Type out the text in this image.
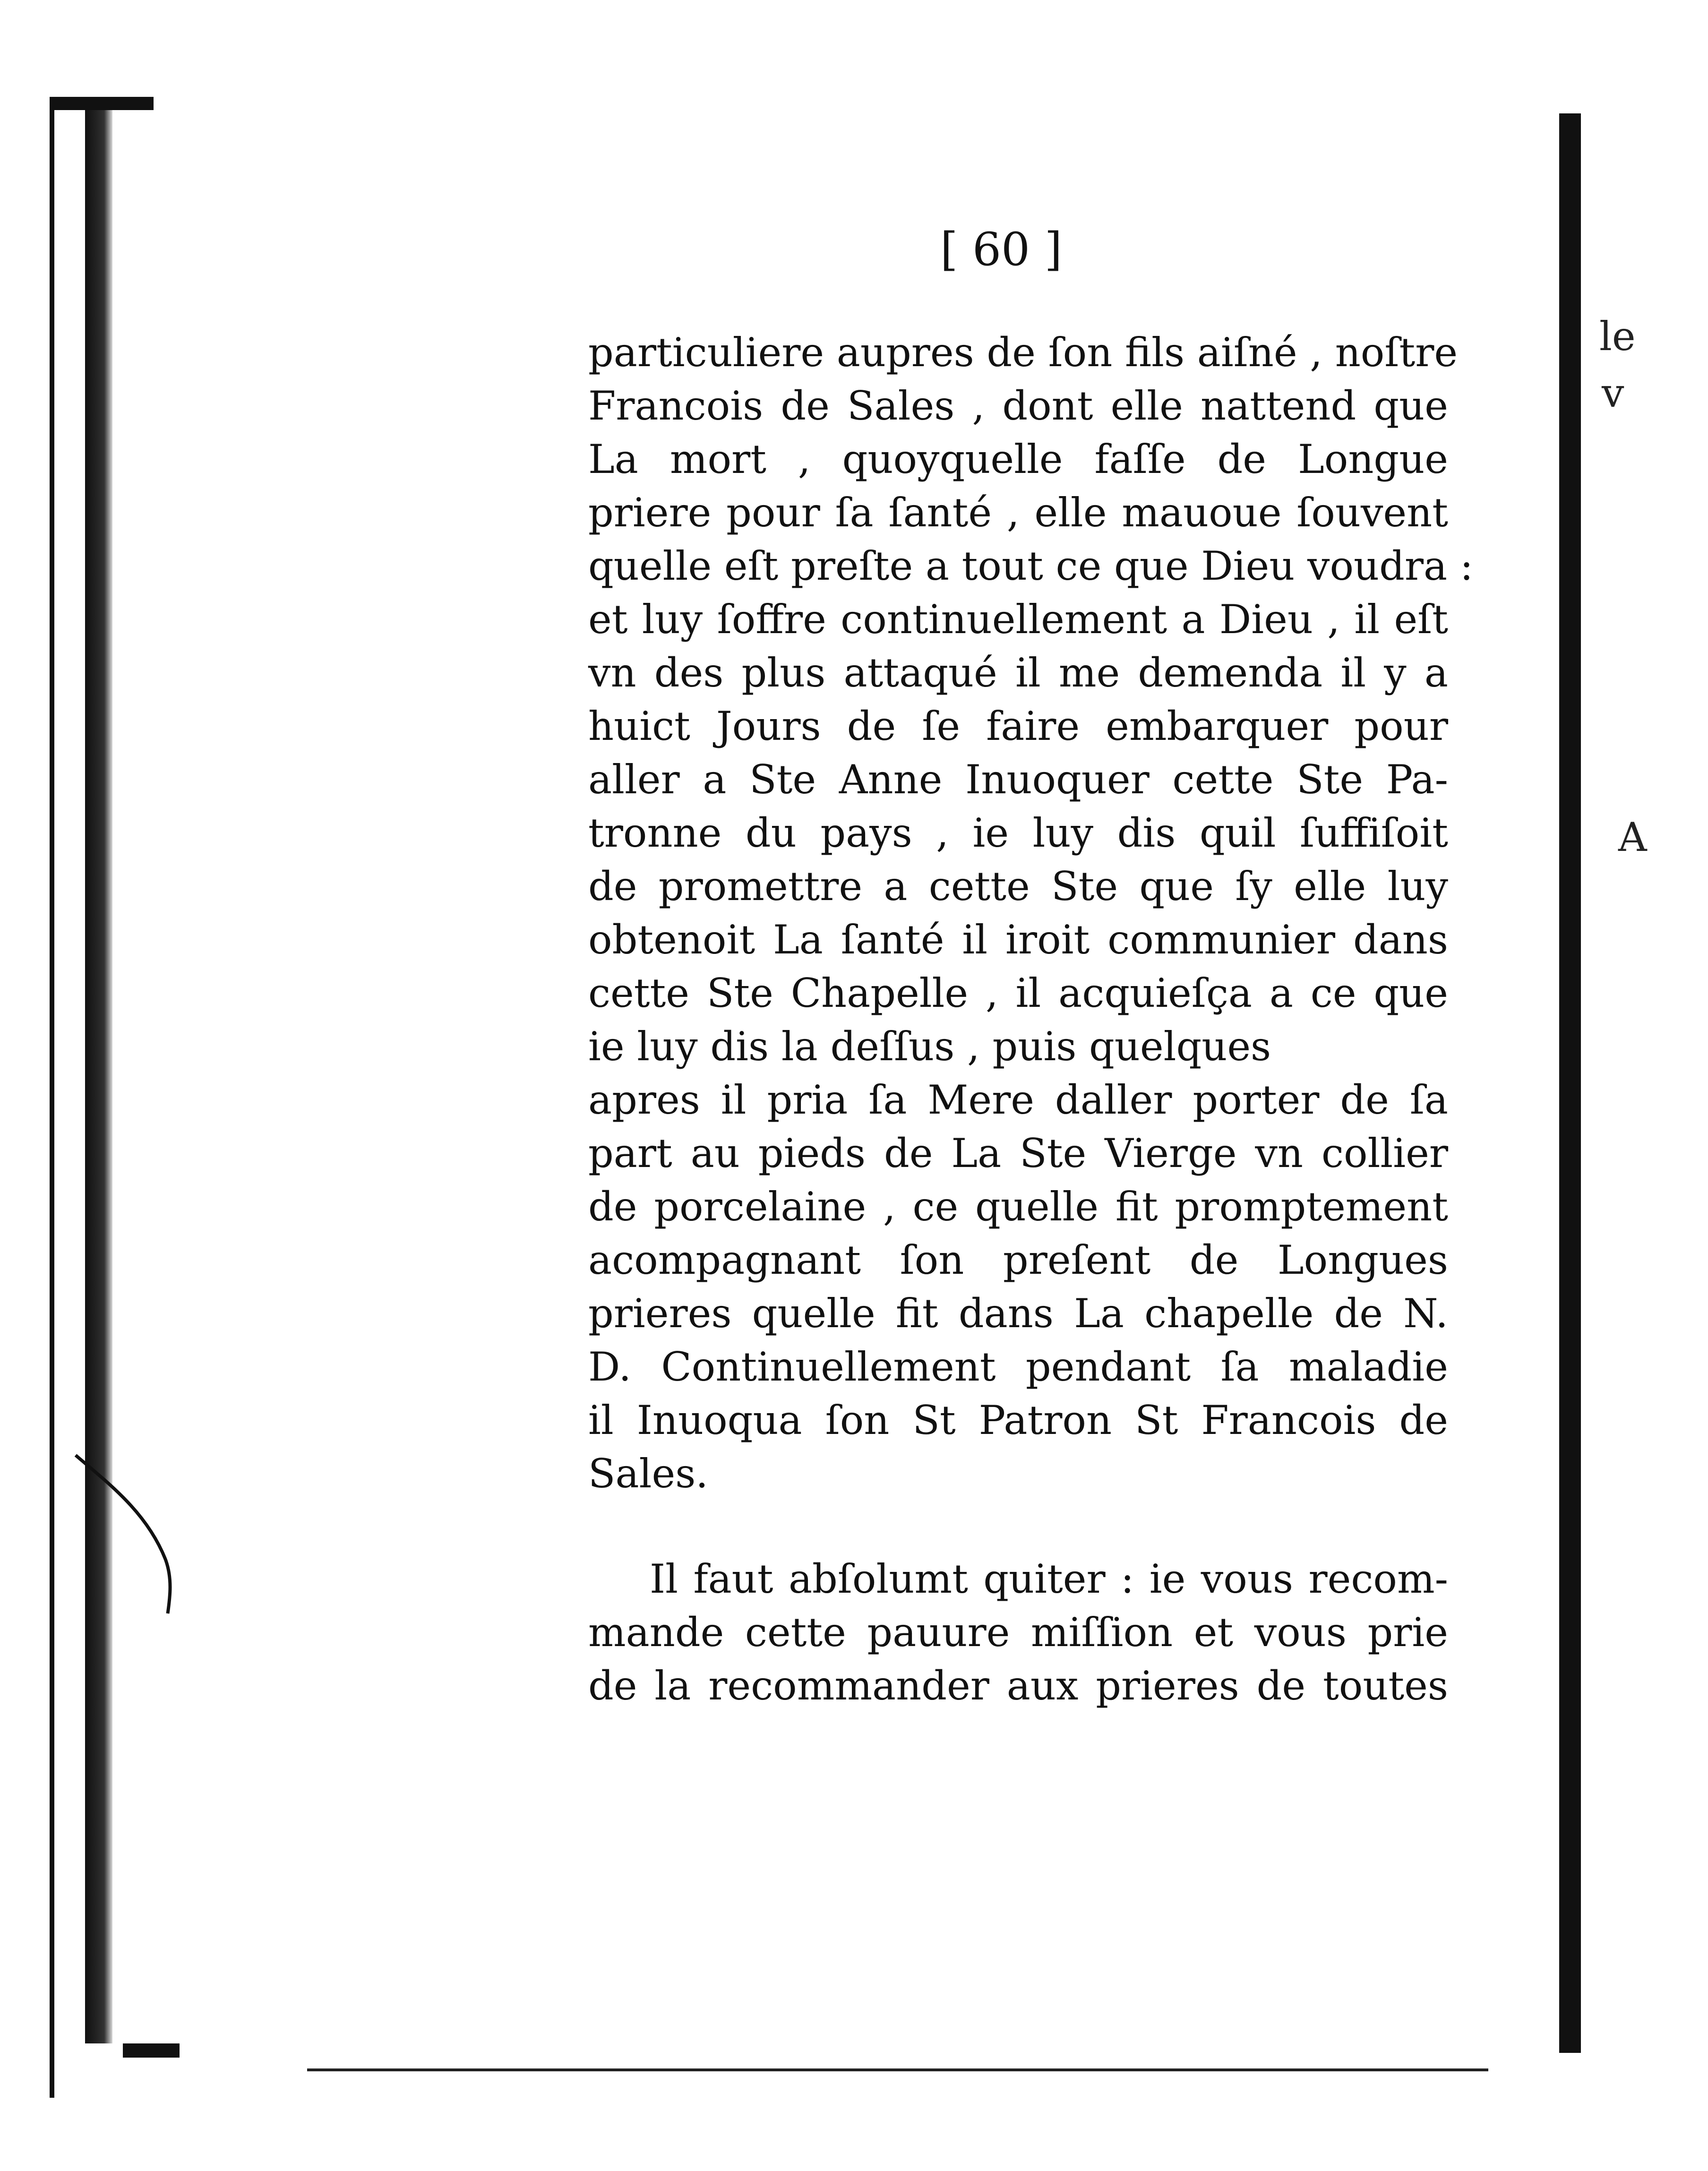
[ 60 ]
particuliere aupres de ſon fils aiſné , noſtre
Francois de Sales , dont elle nattend que
La mort , quoyquelle faſſe de Longue
priere pour ſa ſanté , elle mauoue ſouvent
quelle eſt preſte a tout ce que Dieu voudra :
et luy ſoffre continuellement a Dieu , il eſt
vn des plus attaqué il me demenda il y a
huict Jours de ſe faire embarquer pour
aller a Ste Anne Inuoquer cette Ste Pa-
tronne du pays , ie luy dis quil ſuffiſoit
de promettre a cette Ste que ſy elle luy
obtenoit La ſanté il iroit communier dans
cette Ste Chapelle , il acquieſça a ce que
ie luy dis la deſſus , puis quelques
apres il pria ſa Mere daller porter de ſa
part au pieds de La Ste Vierge vn collier
de porcelaine , ce quelle fit promptement
acompagnant ſon preſent de Longues
prieres quelle fit dans La chapelle de N.
D. Continuellement pendant ſa maladie
il Inuoqua ſon St Patron St Francois de
Sales.
Il faut abſolumt quiter : ie vous recom-
mande cette pauure miſſion et vous prie
de la recommander aux prieres de toutes
le
v
A
